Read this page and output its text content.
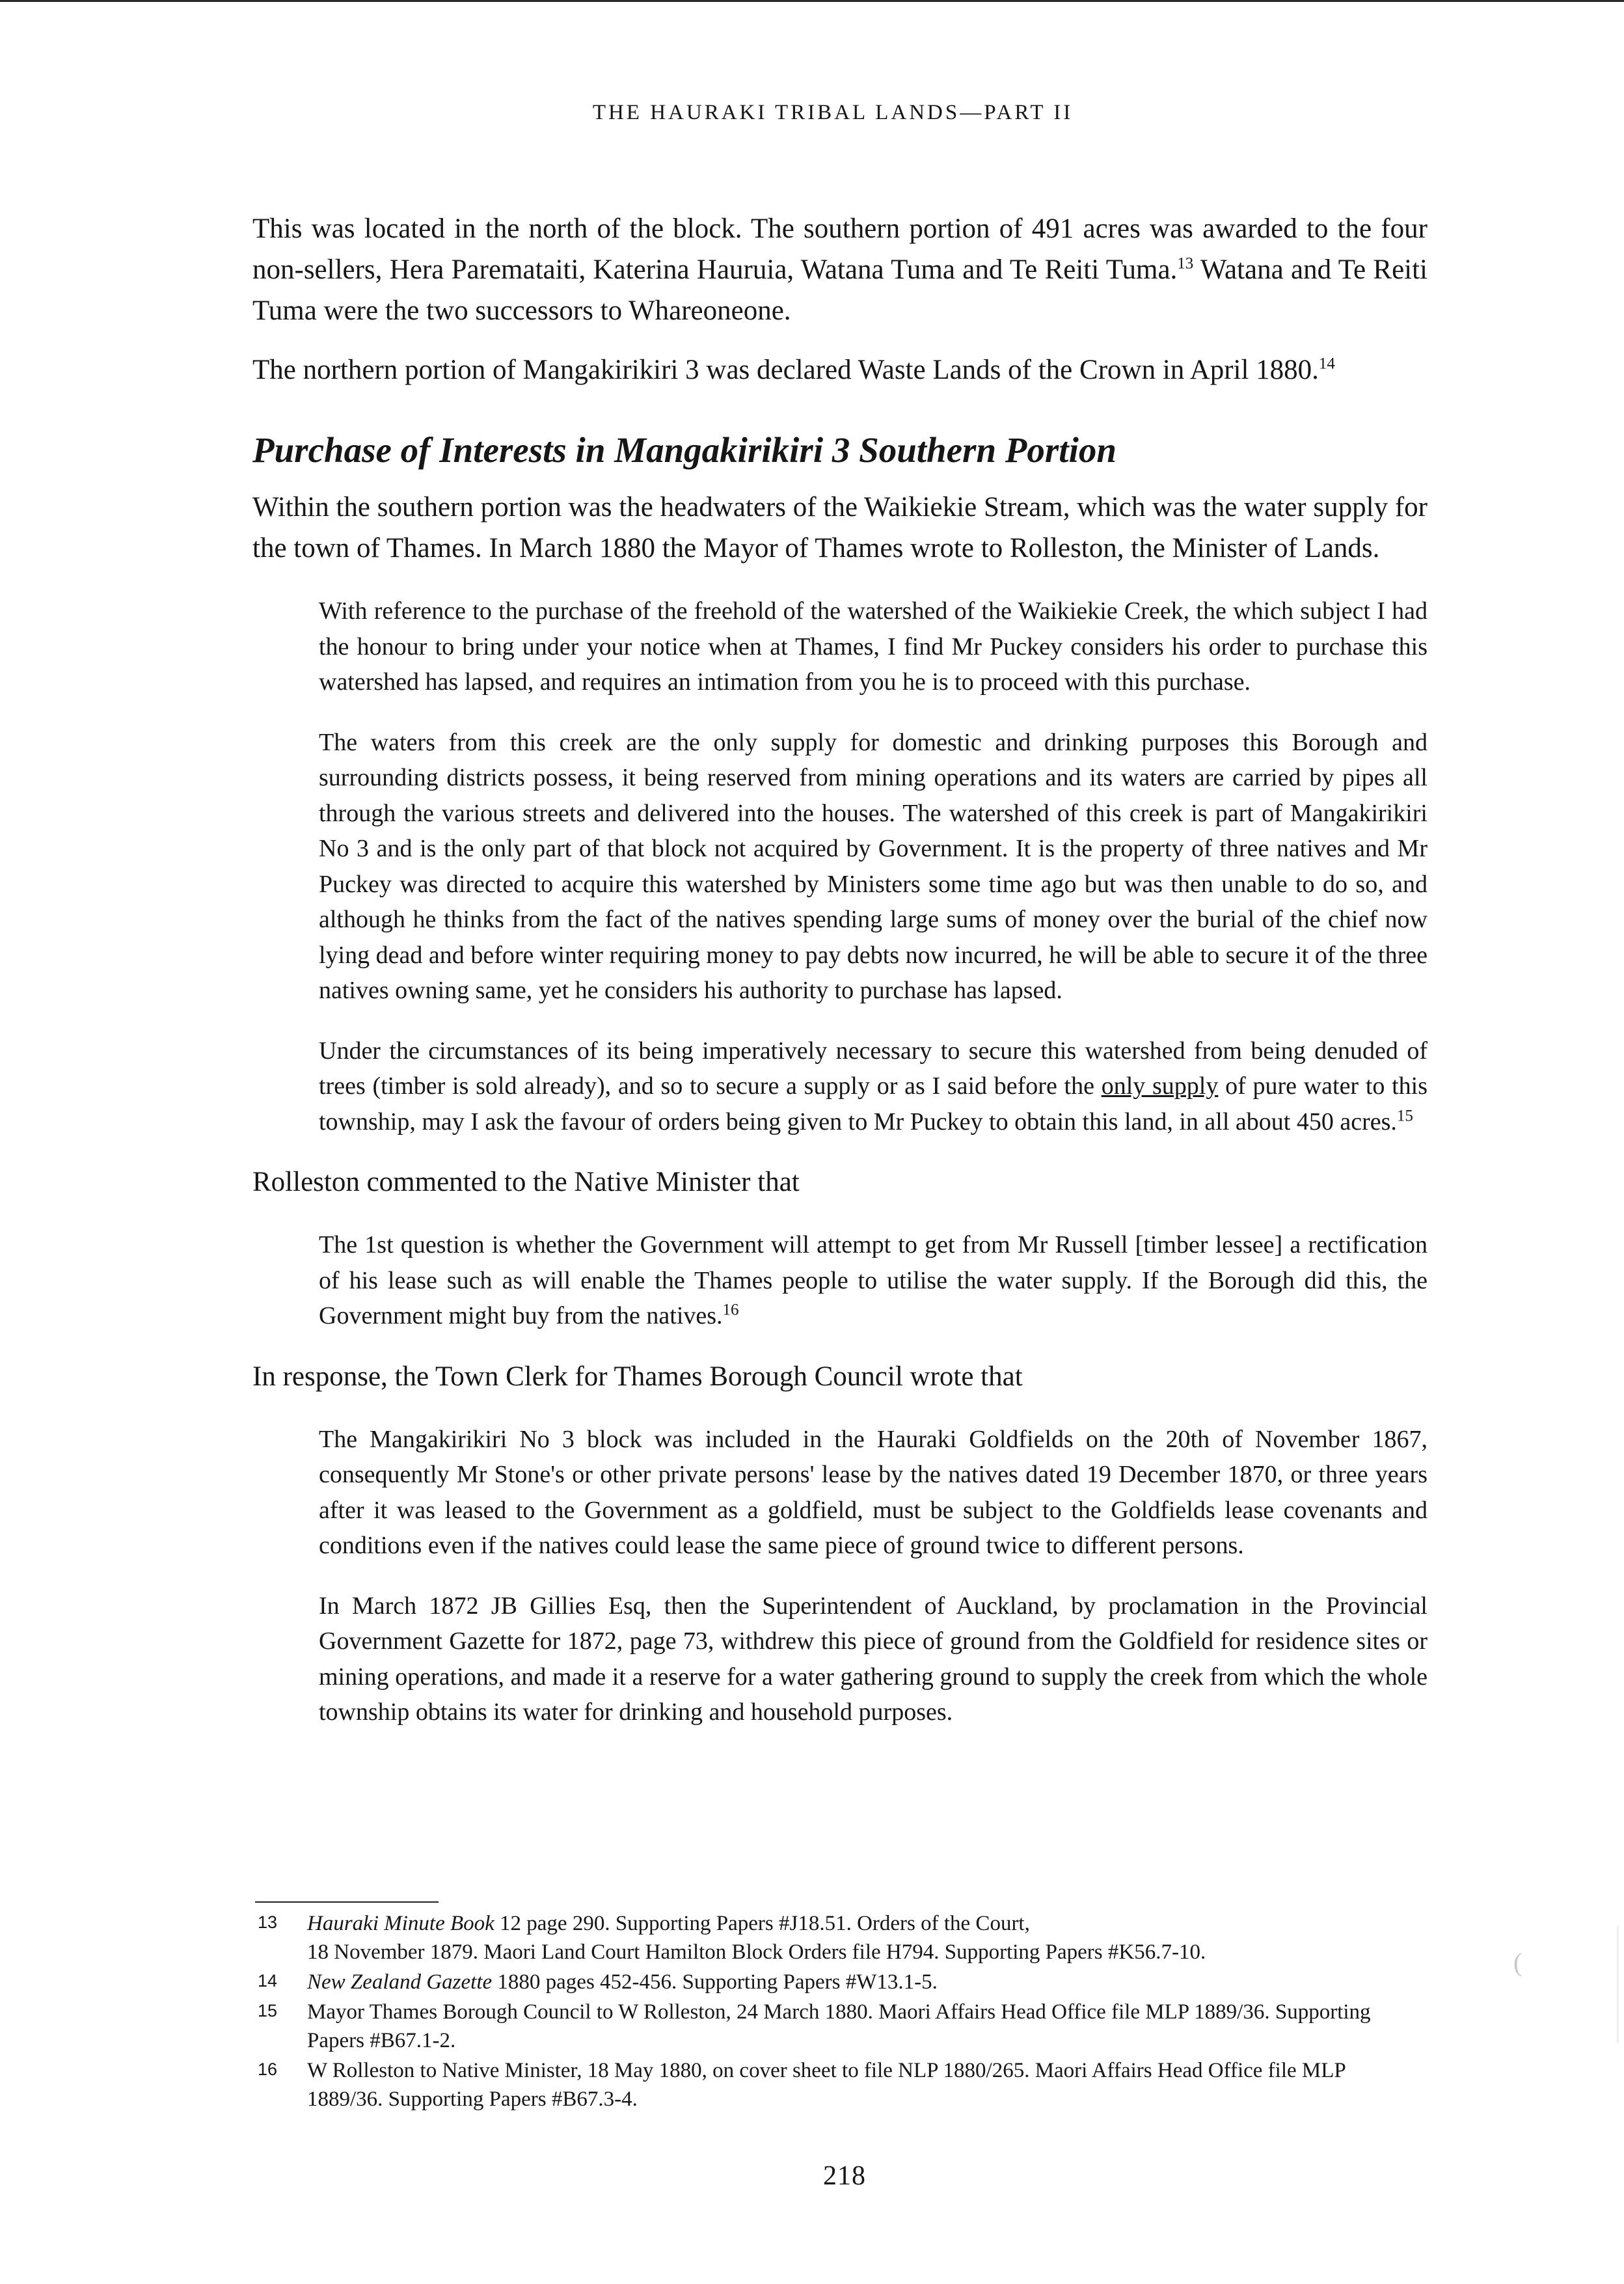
THE HAURAKI TRIBAL LANDS—PART II

This was located in the north of the block. The southern portion of 491 acres was awarded to the four non-sellers, Hera Paremataiti, Katerina Hauruia, Watana Tuma and Te Reiti Tuma.$^{13}$ Watana and Te Reiti Tuma were the two successors to Whareoneone.

The northern portion of Mangakirikiri 3 was declared Waste Lands of the Crown in April 1880.14

Purchase of Interests in Mangakirikiri 3 Southern Portion

Within the southern portion was the headwaters of the Waikiekie Stream, which was the water supply for the town of Thames. In March 1880 the Mayor of Thames wrote to Rolleston, the Minister of Lands.

With reference to the purchase of the freehold of the watershed of the Waikiekie Creek, the which subject I had the honour to bring under your notice when at Thames, I find Mr Puckey considers his order to purchase this watershed has lapsed, and requires an intimation from you he is to proceed with this purchase.

The waters from this creek are the only supply for domestic and drinking purposes this Borough and surrounding districts possess, it being reserved from mining operations and its waters are carried by pipes all through the various streets and delivered into the houses. The watershed of this creek is part of Mangakirikiri No 3 and is the only part of that block not acquired by Government. It is the property of three natives and Mr Puckey was directed to acquire this watershed by Ministers some time ago but was then unable to do so, and although he thinks from the fact of the natives spending large sums of money over the burial of the chief now lying dead and before winter requiring money to pay debts now incurred, he will be able to secure it of the three natives owning same, yet he considers his authority to purchase has lapsed.

Under the circumstances of its being imperatively necessary to secure this watershed from being denuded of trees (timber is sold already), and so to secure a supply or as I said before the only supply of pure water to this township, may I ask the favour of orders being given to Mr Puckey to obtain this land, in all about 450 acres.$^{15}$

Rolleston commented to the Native Minister that

The 1st question is whether the Government will attempt to get from Mr Russell [timber lessee] a rectification of his lease such as will enable the Thames people to utilise the water supply. If the Borough did this, the Government might buy from the natives.$^{16}$

In response, the Town Clerk for Thames Borough Council wrote that

The Mangakirikiri No 3 block was included in the Hauraki Goldfields on the 20th of November 1867, consequently Mr Stone's or other private persons' lease by the natives dated 19 December 1870, or three years after it was leased to the Government as a goldfield, must be subject to the Goldfields lease covenants and conditions even if the natives could lease the same piece of ground twice to different persons.

In March 1872 JB Gillies Esq, then the Superintendent of Auckland, by proclamation in the Provincial Government Gazette for 1872, page 73, withdrew this piece of ground from the Goldfield for residence sites or mining operations, and made it a reserve for a water gathering ground to supply the creek from which the whole township obtains its water for drinking and household purposes.

13 Hauraki Minute Book 12 page 290. Supporting Papers #J18.51. Orders of the Court,
18 November 1879. Maori Land Court Hamilton Block Orders file H794. Supporting Papers #K56.7-10.
14 New Zealand Gazette 1880 pages 452-456. Supporting Papers #W13.1-5.
15 Mayor Thames Borough Council to W Rolleston, 24 March 1880. Maori Affairs Head Office file MLP 1889/36. Supporting Papers #B67.1-2.
16 W Rolleston to Native Minister, 18 May 1880, on cover sheet to file NLP 1880/265. Maori Affairs Head Office file MLP 1889/36. Supporting Papers #B67.3-4.
(
218
